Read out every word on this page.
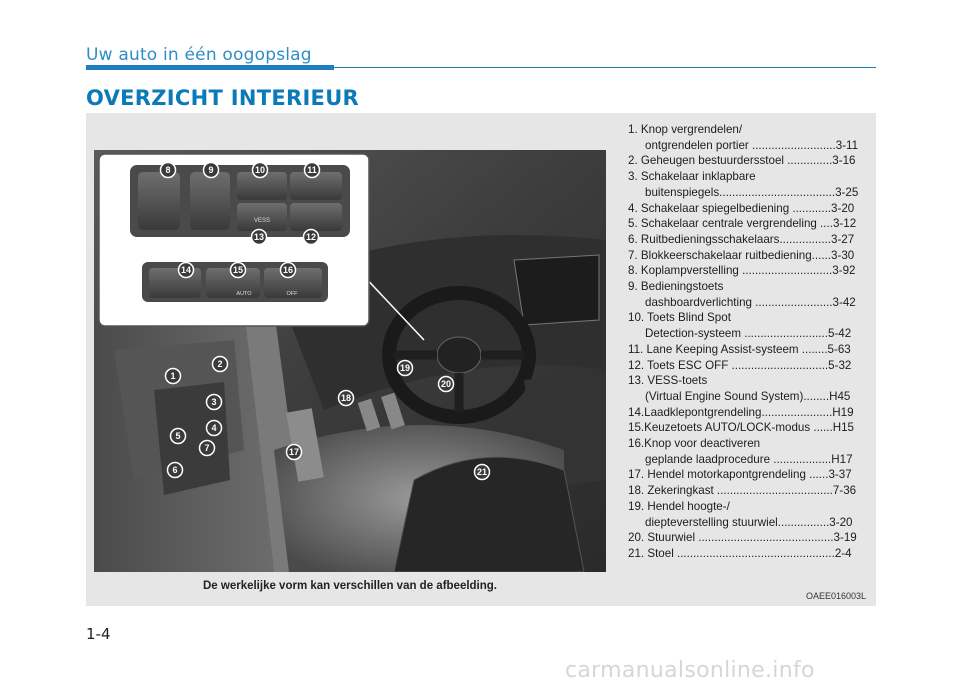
Uw auto in één oogopslag
OVERZICHT INTERIEUR
VESS
AUTO	OFF
1
2
3
4
5
6
7
8	9	10	11
12
13
14	15	16
17
18
19
20
21
De werkelijke vorm kan verschillen van de afbeelding.
1. Knop vergrendelen/
ontgrendelen portier ..........................3-11
2. Geheugen bestuurdersstoel ..............3-16
3. Schakelaar inklapbare
buitenspiegels....................................3-25
4. Schakelaar spiegelbediening ............3-20
5. Schakelaar centrale vergrendeling ....3-12
6. Ruitbedieningsschakelaars................3-27
7. Blokkeerschakelaar ruitbediening......3-30
8. Koplampverstelling ............................3-92
9. Bedieningstoets
dashboardverlichting ........................3-42
10. Toets Blind Spot
Detection-systeem ..........................5-42
11. Lane Keeping Assist-systeem ........5-63
12. Toets ESC OFF ..............................5-32
13. VESS-toets
(Virtual Engine Sound System)........H45
14.Laadklepontgrendeling......................H19
15.Keuzetoets AUTO/LOCK-modus ......H15
16.Knop voor deactiveren
geplande laadprocedure ..................H17
17. Hendel motorkapontgrendeling ......3-37
18. Zekeringkast ....................................7-36
19. Hendel hoogte-/
diepteverstelling stuurwiel................3-20
20. Stuurwiel ..........................................3-19
21. Stoel .................................................2-4
OAEE016003L
1-4
carmanualsonline.info
